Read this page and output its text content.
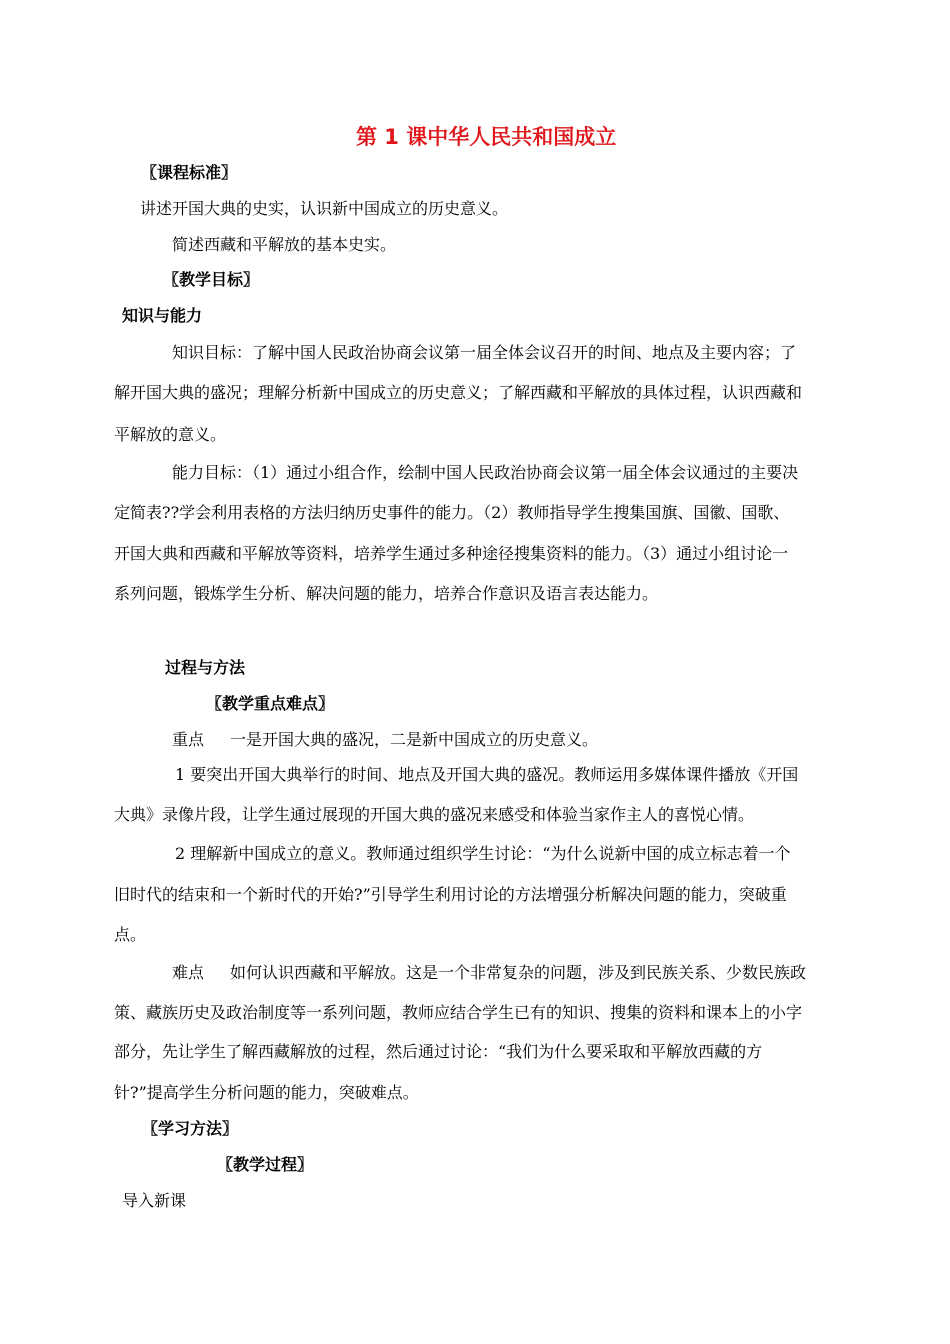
第 1 课中华人民共和国成立
〖课程标准〗
讲述开国大典的史实，认识新中国成立的历史意义。
简述西藏和平解放的基本史实。
〖教学目标〗
知识与能力
知识目标：了解中国人民政治协商会议第一届全体会议召开的时间、地点及主要内容；了
解开国大典的盛况；理解分析新中国成立的历史意义；了解西藏和平解放的具体过程，认识西藏和
平解放的意义。
能力目标：（1）通过小组合作，绘制中国人民政治协商会议第一届全体会议通过的主要决
定简表??学会利用表格的方法归纳历史事件的能力。（2）教师指导学生搜集国旗、国徽、国歌、
开国大典和西藏和平解放等资料，培养学生通过多种途径搜集资料的能力。（3）通过小组讨论一
系列问题，锻炼学生分析、解决问题的能力，培养合作意识及语言表达能力。
过程与方法
〖教学重点难点〗
重点 一是开国大典的盛况，二是新中国成立的历史意义。
1 要突出开国大典举行的时间、地点及开国大典的盛况。教师运用多媒体课件播放《开国
大典》录像片段，让学生通过展现的开国大典的盛况来感受和体验当家作主人的喜悦心情。
2 理解新中国成立的意义。教师通过组织学生讨论：“为什么说新中国的成立标志着一个
旧时代的结束和一个新时代的开始?”引导学生利用讨论的方法增强分析解决问题的能力，突破重
点。
难点 如何认识西藏和平解放。这是一个非常复杂的问题，涉及到民族关系、少数民族政
策、藏族历史及政治制度等一系列问题，教师应结合学生已有的知识、搜集的资料和课本上的小字
部分，先让学生了解西藏解放的过程，然后通过讨论：“我们为什么要采取和平解放西藏的方
针?”提高学生分析问题的能力，突破难点。
〖学习方法〗
〖教学过程〗
导入新课
